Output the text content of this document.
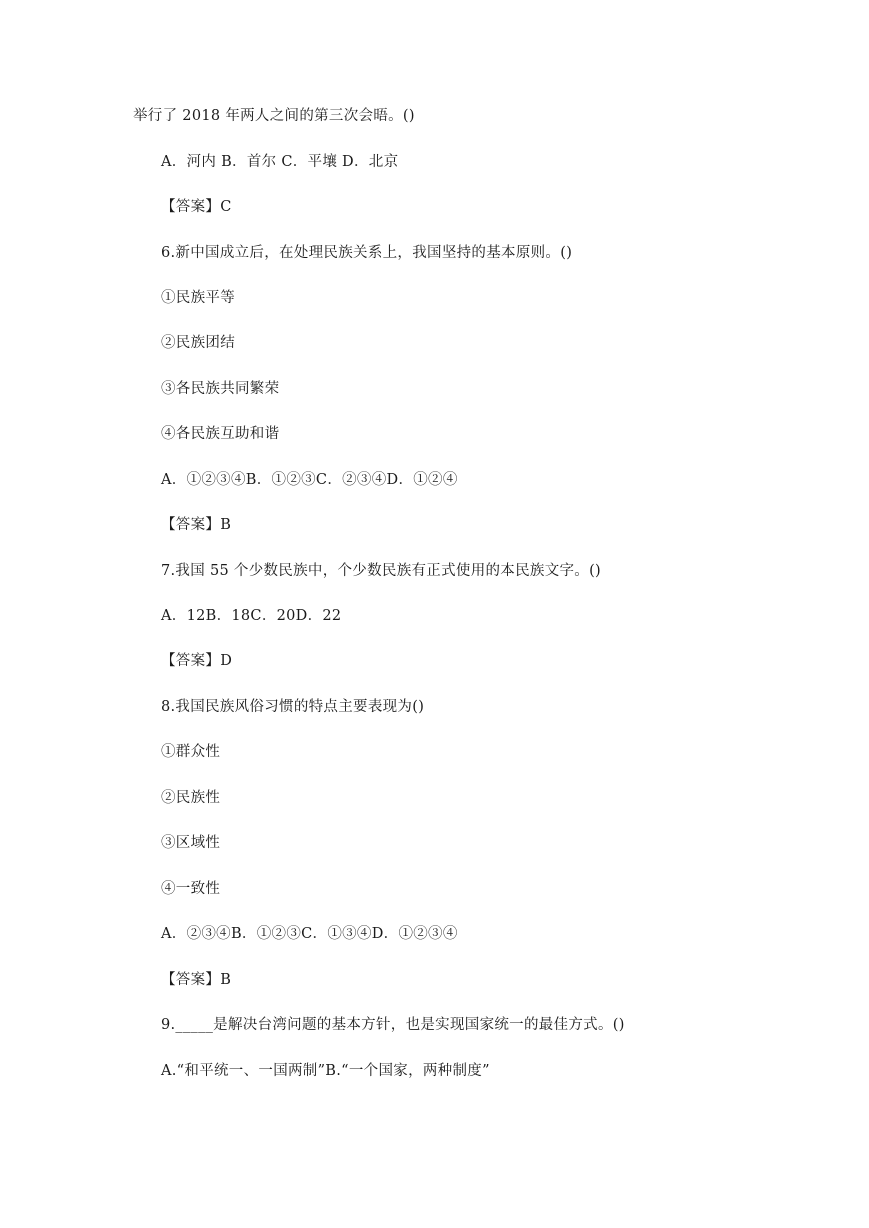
举行了 2018 年两人之间的第三次会晤。()
A．河内 B．首尔 C．平壤 D．北京
【答案】C
6.新中国成立后，在处理民族关系上，我国坚持的基本原则。()
①民族平等
②民族团结
③各民族共同繁荣
④各民族互助和谐
A．①②③④B．①②③C．②③④D．①②④
【答案】B
7.我国 55 个少数民族中，个少数民族有正式使用的本民族文字。()
A．12B．18C．20D．22
【答案】D
8.我国民族风俗习惯的特点主要表现为()
①群众性
②民族性
③区域性
④一致性
A．②③④B．①②③C．①③④D．①②③④
【答案】B
9._____是解决台湾问题的基本方针，也是实现国家统一的最佳方式。()
A.“和平统一、一国两制”B.“一个国家，两种制度”
